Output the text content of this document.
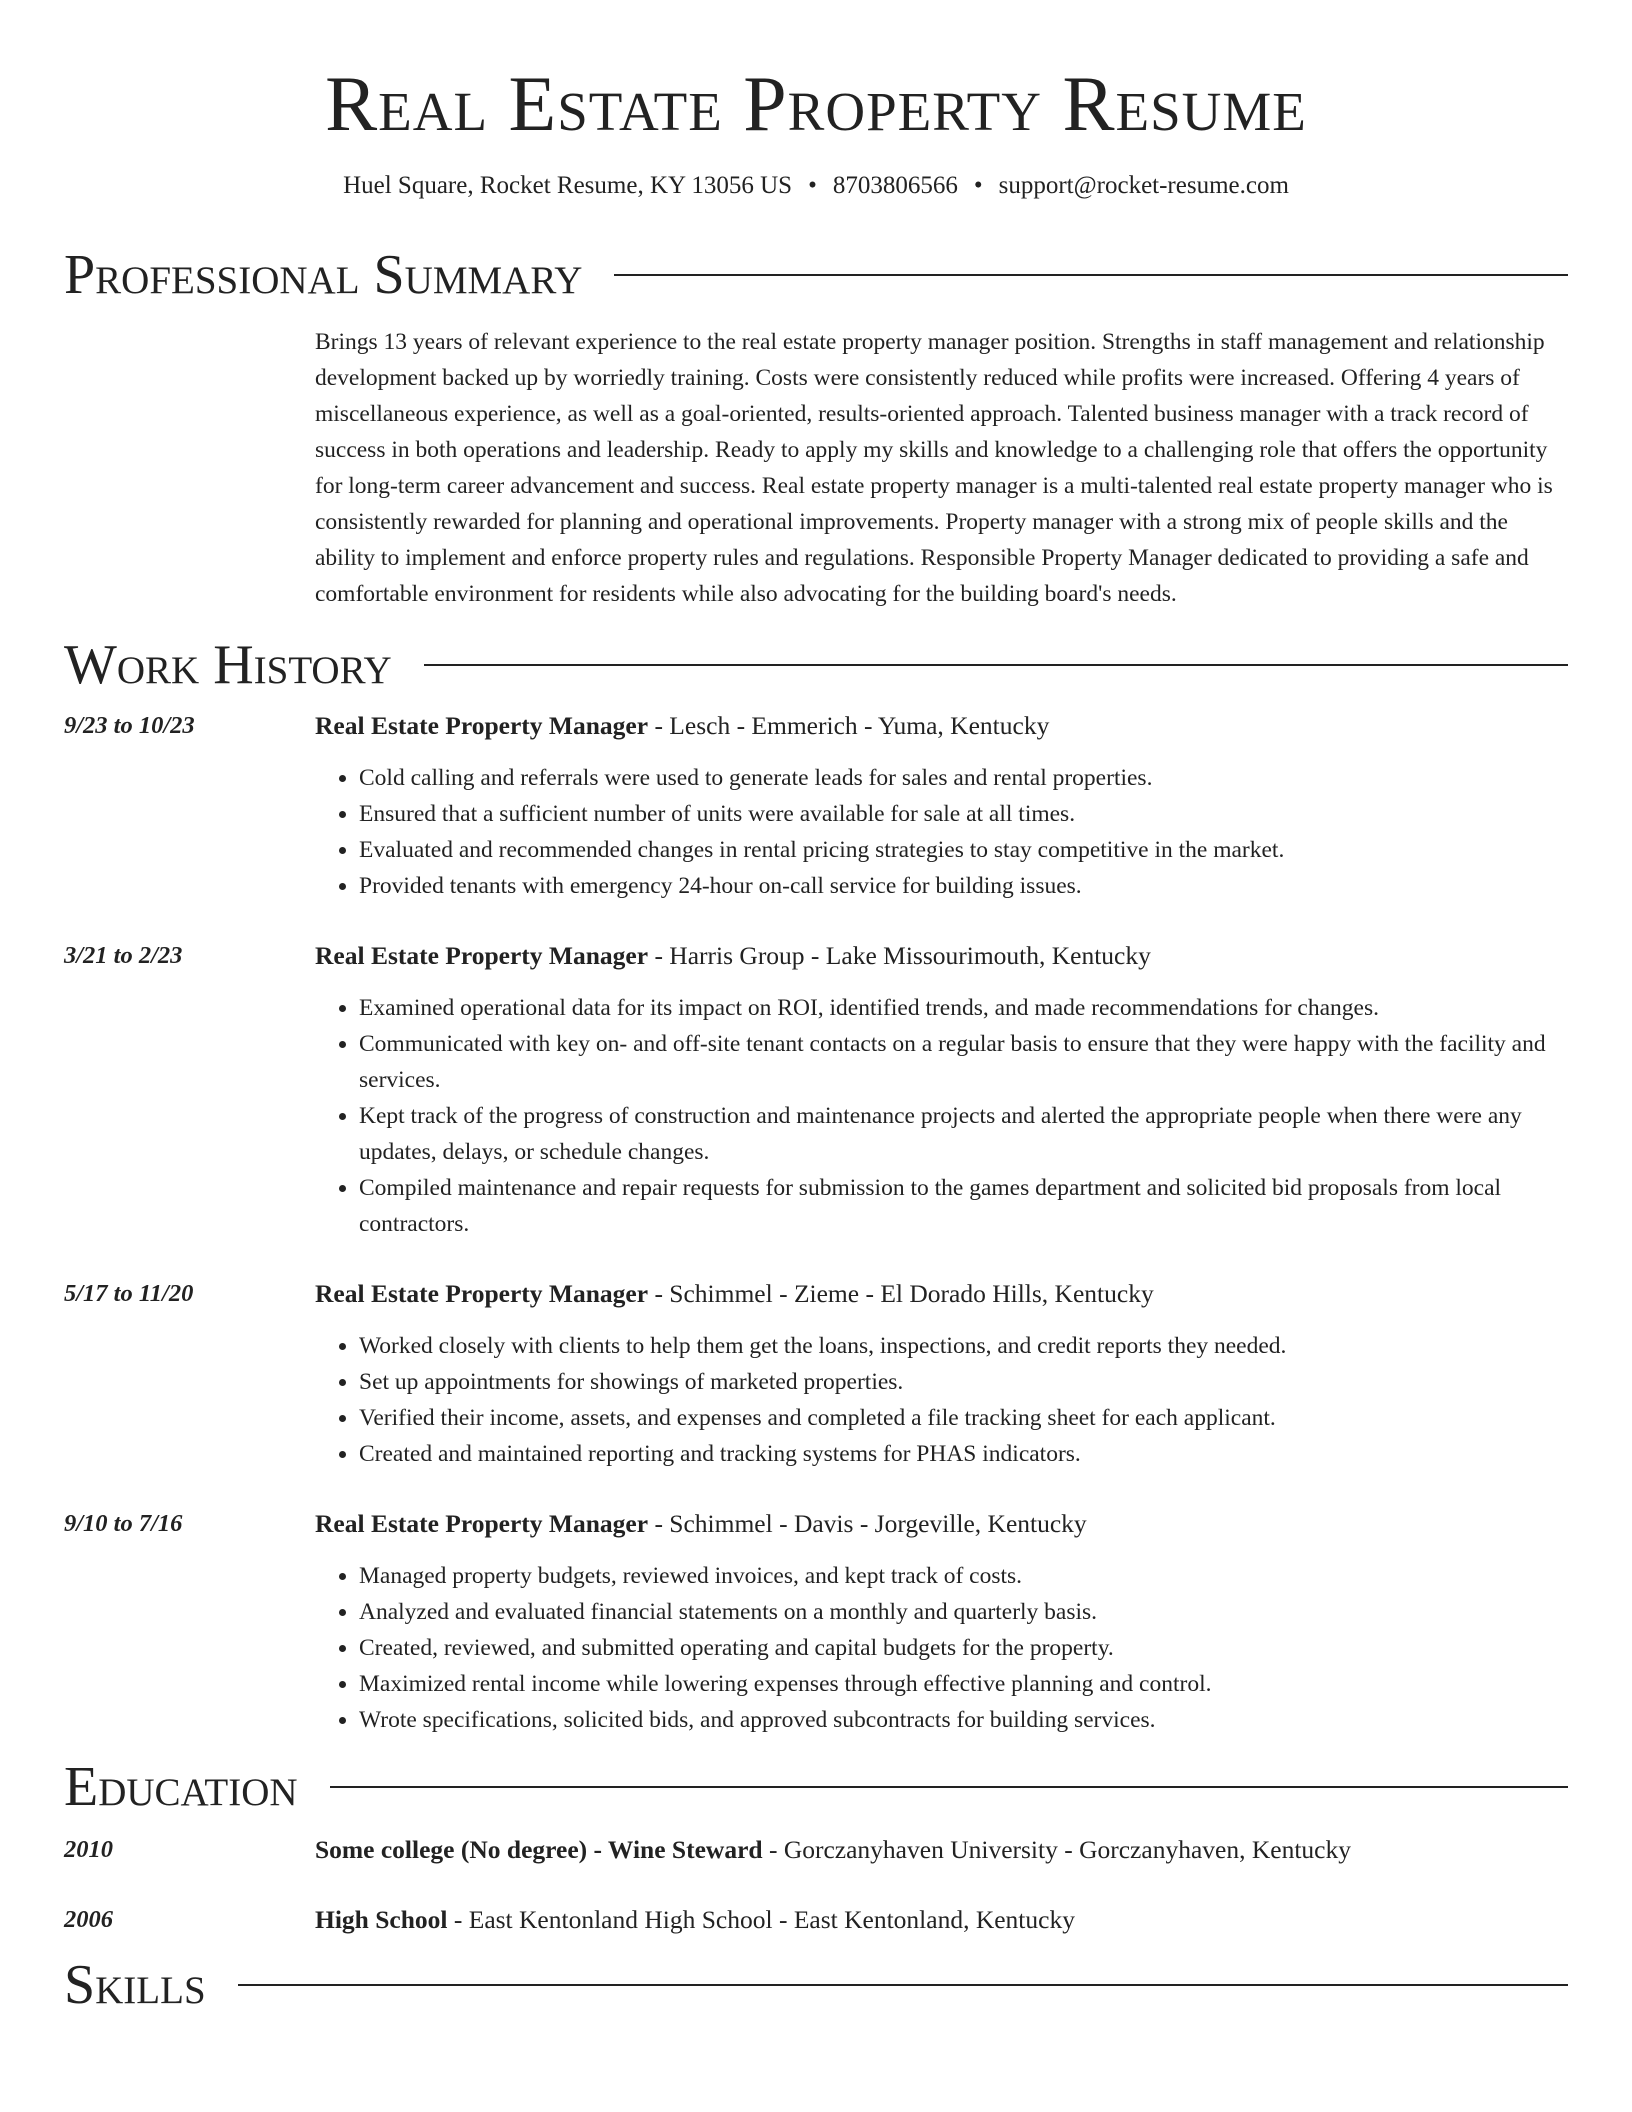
Real Estate Property Resume
Huel Square, Rocket Resume, KY 13056 US • 8703806566 • support@rocket-resume.com
Professional Summary
Brings 13 years of relevant experience to the real estate property manager position. Strengths in staff management and relationship development backed up by worriedly training. Costs were consistently reduced while profits were increased. Offering 4 years of miscellaneous experience, as well as a goal-oriented, results-oriented approach. Talented business manager with a track record of success in both operations and leadership. Ready to apply my skills and knowledge to a challenging role that offers the opportunity for long-term career advancement and success. Real estate property manager is a multi-talented real estate property manager who is consistently rewarded for planning and operational improvements. Property manager with a strong mix of people skills and the ability to implement and enforce property rules and regulations. Responsible Property Manager dedicated to providing a safe and comfortable environment for residents while also advocating for the building board's needs.
Work History
9/23 to 10/23	Real Estate Property Manager - Lesch - Emmerich - Yuma, Kentucky
• Cold calling and referrals were used to generate leads for sales and rental properties.
• Ensured that a sufficient number of units were available for sale at all times.
• Evaluated and recommended changes in rental pricing strategies to stay competitive in the market.
• Provided tenants with emergency 24-hour on-call service for building issues.
3/21 to 2/23	Real Estate Property Manager - Harris Group - Lake Missourimouth, Kentucky
• Examined operational data for its impact on ROI, identified trends, and made recommendations for changes.
• Communicated with key on- and off-site tenant contacts on a regular basis to ensure that they were happy with the facility and services.
• Kept track of the progress of construction and maintenance projects and alerted the appropriate people when there were any updates, delays, or schedule changes.
• Compiled maintenance and repair requests for submission to the games department and solicited bid proposals from local contractors.
5/17 to 11/20	Real Estate Property Manager - Schimmel - Zieme - El Dorado Hills, Kentucky
• Worked closely with clients to help them get the loans, inspections, and credit reports they needed.
• Set up appointments for showings of marketed properties.
• Verified their income, assets, and expenses and completed a file tracking sheet for each applicant.
• Created and maintained reporting and tracking systems for PHAS indicators.
9/10 to 7/16	Real Estate Property Manager - Schimmel - Davis - Jorgeville, Kentucky
• Managed property budgets, reviewed invoices, and kept track of costs.
• Analyzed and evaluated financial statements on a monthly and quarterly basis.
• Created, reviewed, and submitted operating and capital budgets for the property.
• Maximized rental income while lowering expenses through effective planning and control.
• Wrote specifications, solicited bids, and approved subcontracts for building services.
Education
2010	Some college (No degree) - Wine Steward - Gorczanyhaven University - Gorczanyhaven, Kentucky
2006	High School - East Kentonland High School - East Kentonland, Kentucky
Skills
